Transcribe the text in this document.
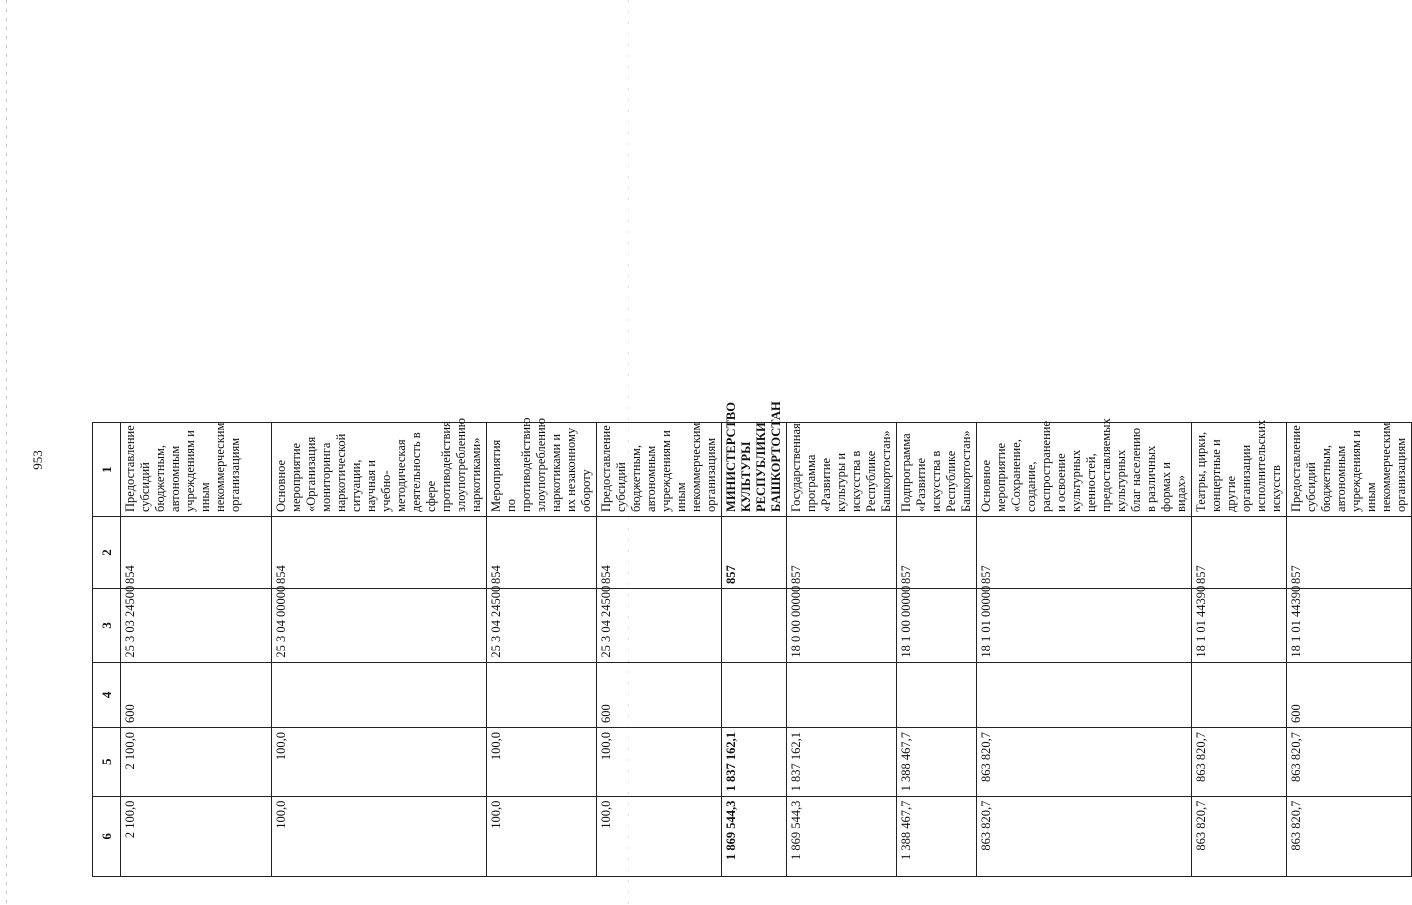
953
6	5	4	3	2	1
2 100,0	2 100,0	600	25 3 03 24500	854	Предоставление субсидий бюджетным, автономным учреждениям и иным некоммерческим организациям
100,0	100,0		25 3 04 00000	854	Основное мероприятие «Организация мониторинга наркотической ситуации, научная и учебно-методическая деятельность в сфере противодействия злоупотреблению наркотиками»
100,0	100,0		25 3 04 24500	854	Мероприятия по противодействию злоупотреблению наркотиками и их незаконному обороту
100,0	100,0	600	25 3 04 24500	854	Предоставление субсидий бюджетным, автономным учреждениям и иным некоммерческим организациям
1 869 544,3	1 837 162,1			857	МИНИСТЕРСТВО КУЛЬТУРЫ РЕСПУБЛИКИ БАШКОРТОСТАН
1 869 544,3	1 837 162,1		18 0 00 00000	857	Государственная программа «Развитие культуры и искусства в Республике Башкортостан»
1 388 467,7	1 388 467,7		18 1 00 00000	857	Подпрограмма «Развитие искусства в Республике Башкортостан»
863 820,7	863 820,7		18 1 01 00000	857	Основное мероприятие «Сохранение, создание, распространение и освоение культурных ценностей, предоставляемых культурных благ населению в различных формах и видах»
863 820,7	863 820,7		18 1 01 44390	857	Театры, цирки, концертные и другие организации исполнительских искусств
863 820,7	863 820,7	600	18 1 01 44390	857	Предоставление субсидий бюджетным, автономным учреждениям и иным некоммерческим организациям
